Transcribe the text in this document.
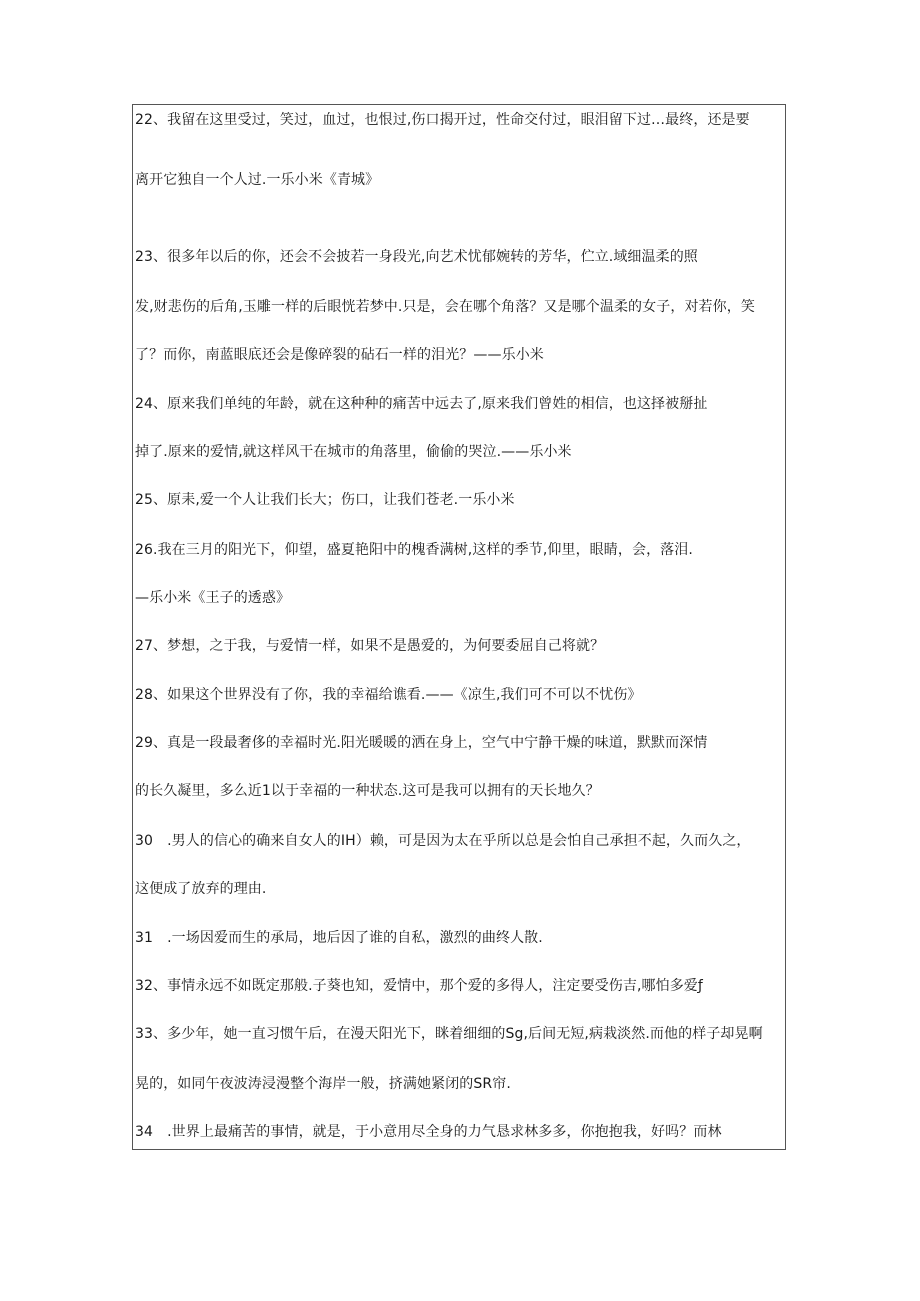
22、我留在这里受过，笑过，血过，也恨过,伤口揭开过，性命交付过，眼泪留下过…最终，还是要
离开它独自一个人过.一乐小米《青城》
23、很多年以后的你，还会不会披若一身段光,向艺术忧郁婉转的芳华，伫立.域细温柔的照
发,财悲伤的后角,玉雕一样的后眼恍若梦中.只是，会在哪个角落？又是哪个温柔的女子，对若你，笑
了？而你，南蓝眼底还会是像碎裂的砧石一样的泪光？——乐小米
24、原来我们单纯的年龄，就在这种种的痛苦中远去了,原来我们曾姓的相信，也这择被掰扯
掉了.原来的爱情,就这样风干在城市的角落里，偷偷的哭泣.——乐小米
25、原耒,爱一个人让我们长大；伤口，让我们苍老.一乐小米
26.我在三月的阳光下，仰望，盛夏艳阳中的槐香满树,这样的季节,仰里，眼睛，会，落泪.
—乐小米《王子的透惑》
27、梦想，之于我，与爱情一样，如果不是愚爱的，为何要委屈自己将就？
28、如果这个世界没有了你，我的幸福给谯看.——《凉生,我们可不可以不忧伤》
29、真是一段最奢侈的幸福时光.阳光暖暖的洒在身上，空气中宁静干燥的味道，默默而深情
的长久凝里，多么近1以于幸福的一种状态.这可是我可以拥有的天长地久？
30　.男人的信心的确来自女人的IH）赖，可是因为太在乎所以总是会怕自己承担不起，久而久之，
这便成了放弃的理由.
31　.一场因爱而生的承局，地后因了谁的自私，激烈的曲终人散.
32、事情永远不如既定那般.子葵也知，爱情中，那个爱的多得人，注定要受伤吉,哪怕多爱ƒ
33、多少年，她一直习惯午后，在漫天阳光下，眯着细细的Sg,后间无短,病栽淡然.而他的样子却晃啊
晃的，如同午夜波涛浸漫整个海岸一般，挤满她紧闭的SR帘.
34　.世界上最痛苦的事情，就是，于小意用尽全身的力气恳求林多多，你抱抱我，好吗？而林
